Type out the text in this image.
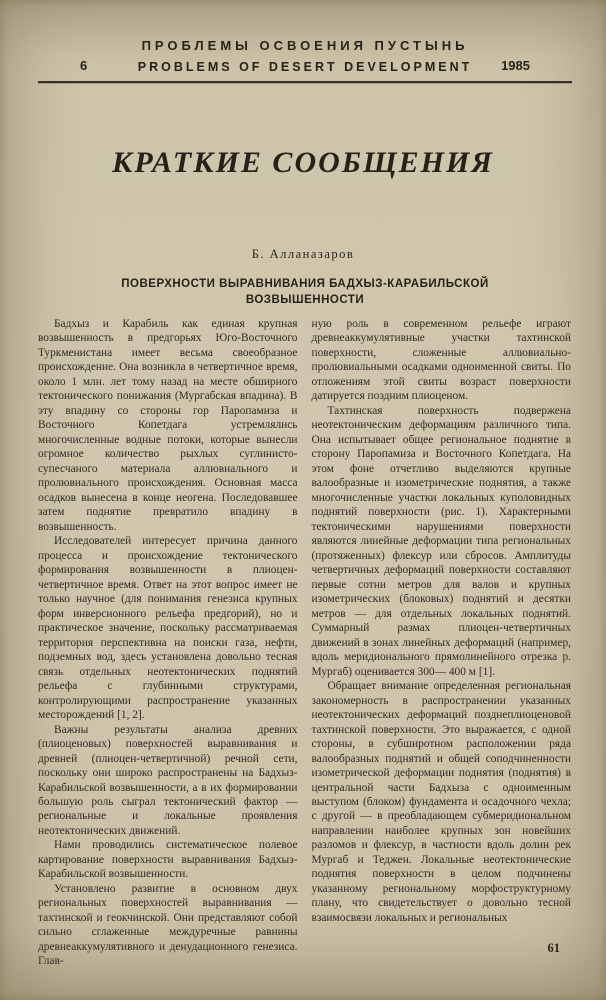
ПРОБЛЕМЫ ОСВОЕНИЯ ПУСТЫНЬ
6	PROBLEMS OF DESERT DEVELOPMENT 1985
КРАТКИЕ СООБЩЕНИЯ
Б. Алланазаров
ПОВЕРХНОСТИ ВЫРАВНИВАНИЯ БАДХЫЗ-КАРАБИЛЬСКОЙ
ВОЗВЫШЕННОСТИ

Бадхыз и Карабиль как единая крупная возвышенность в предгорьях Юго-Восточного Туркменистана имеет весьма своеобразное происхождение. Она возникла в четвертичное время, около 1 млн. лет тому назад на месте обширного тектонического понижания (Мургабская впадина). В эту впадину со стороны гор Паропамиза и Восточного Копетдага устремлялись многочисленные водные потоки, которые вынесли огромное количество рыхлых суглинисто-супесчаного материала аллювиального и пролювиального происхождения. Основная масса осадков вынесена в конце неогена. Последовавшее затем поднятие превратило впадину в возвышенность.

Исследователей интересует причина данного процесса и происхождение тектонического формирования возвышенности в плиоцен-четвертичное время. Ответ на этот вопрос имеет не только научное (для понимания генезиса крупных форм инверсионного рельефа предгорий), но и практическое значение, поскольку рассматриваемая территория перспективна на поиски газа, нефти, подземных вод, здесь установлена довольно тесная связь отдельных неотектонических поднятий рельефа с глубинными структурами, контролирующими распространение указанных месторождений [1, 2].

Важны результаты анализа древних (плиоценовых) поверхностей выравнивания и древней (плиоцен-четвертичной) речной сети, поскольку они широко распространены на Бадхыз-Карабильской возвышенности, а в их формировании большую роль сыграл тектонический фактор — региональные и локальные проявления неотектонических движений.

Нами проводились систематическое полевое картирование поверхности выравнивания Бадхыз-Карабильской возвышенности.

Установлено развитие в основном двух региональных поверхностей выравнивания — тахтинской и геокчинской. Они представляют собой сильно сглаженные междуречные равнины древнеаккумулятивного и денудационного генезиса. Глав-

ную роль в современном рельефе играют древнеаккумулятивные участки тахтинской поверхности, сложенные аллювиально-пролювиальными осадками одноименной свиты. По отложениям этой свиты возраст поверхности датируется поздним плиоценом.

Тахтинская поверхность подвержена неотектоническим деформациям различного типа. Она испытывает общее региональное поднятие в сторону Паропамиза и Восточного Копетдага. На этом фоне отчетливо выделяются крупные валообразные и изометрические поднятия, а также многочисленные участки локальных куполовидных поднятий поверхности (рис. 1). Характерными тектоническими нарушениями поверхности являются линейные деформации типа региональных (протяженных) флексур или сбросов. Амплитуды четвертичных деформаций поверхности составляют первые сотни метров для валов и крупных изометрических (блоковых) поднятий и десятки метров — для отдельных локальных поднятий. Суммарный размах плиоцен-четвертичных движений в зонах линейных деформаций (например, вдоль меридионального прямолинейного отрезка р. Мургаб) оценивается 300— 400 м [1].

Обращает внимание определенная региональная закономерность в распространении указанных неотектонических деформаций позднеплиоценовой тахтинской поверхности. Это выражается, с одной стороны, в субширотном расположении ряда валообразных поднятий и общей соподчиненности изометрической деформации поднятия (поднятия) в центральной части Бадхыза с одноименным выступом (блоком) фундамента и осадочного чехла; с другой — в преобладающем субмеридиональном направлении наиболее крупных зон новейших разломов и флексур, в частности вдоль долин рек Мургаб и Теджен. Локальные неотектонические поднятия поверхности в целом подчинены указанному региональному морфоструктурному плану, что свидетельствует о довольно тесной взаимосвязи локальных и региональных

61
